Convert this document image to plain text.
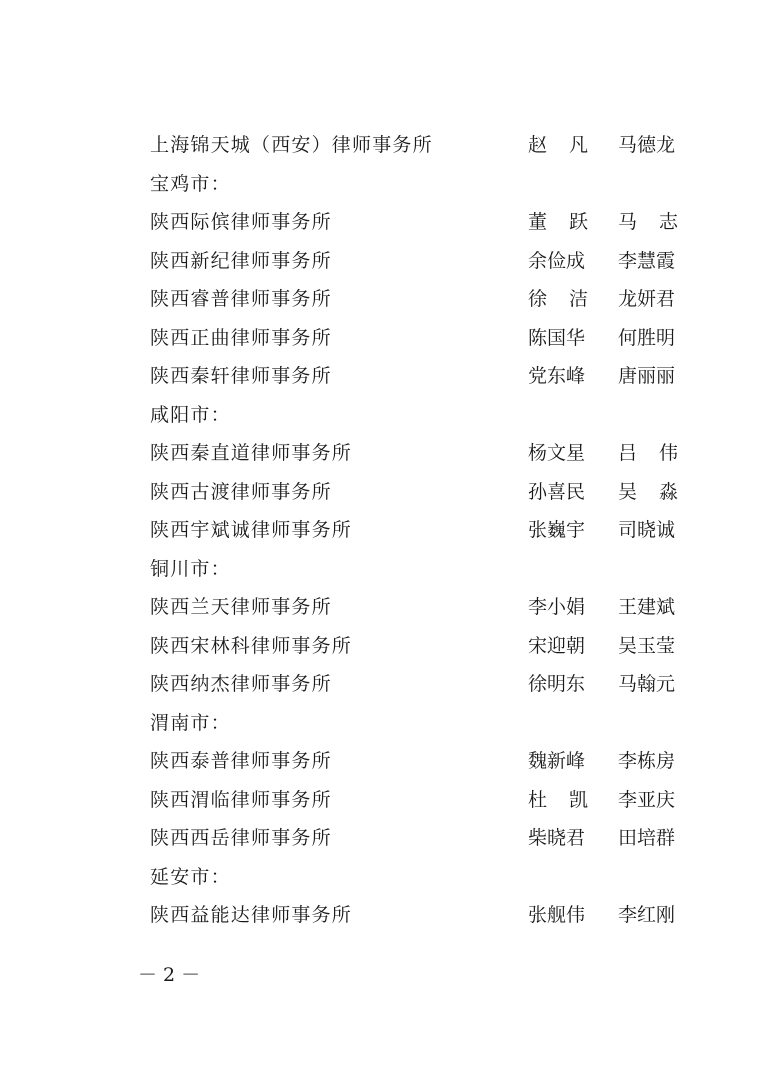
上海锦天城（西安）律师事务所	赵 凡 马德龙
宝鸡市：
陕西际傧律师事务所	董 跃 马 志
陕西新纪律师事务所	余俭成 李慧霞
陕西睿普律师事务所	徐 洁 龙妍君
陕西正曲律师事务所	陈国华 何胜明
陕西秦轩律师事务所	党东峰 唐丽丽
咸阳市：
陕西秦直道律师事务所	杨文星 吕 伟
陕西古渡律师事务所	孙喜民 吴 淼
陕西宇斌诚律师事务所	张巍宇 司晓诚
铜川市：
陕西兰天律师事务所	李小娟 王建斌
陕西宋林科律师事务所	宋迎朝 吴玉莹
陕西纳杰律师事务所	徐明东 马翰元
渭南市：
陕西泰普律师事务所	魏新峰 李栋房
陕西渭临律师事务所	杜 凯 李亚庆
陕西西岳律师事务所	柴晓君 田培群
延安市：
陕西益能达律师事务所	张舰伟 李红刚
－ 2 －
